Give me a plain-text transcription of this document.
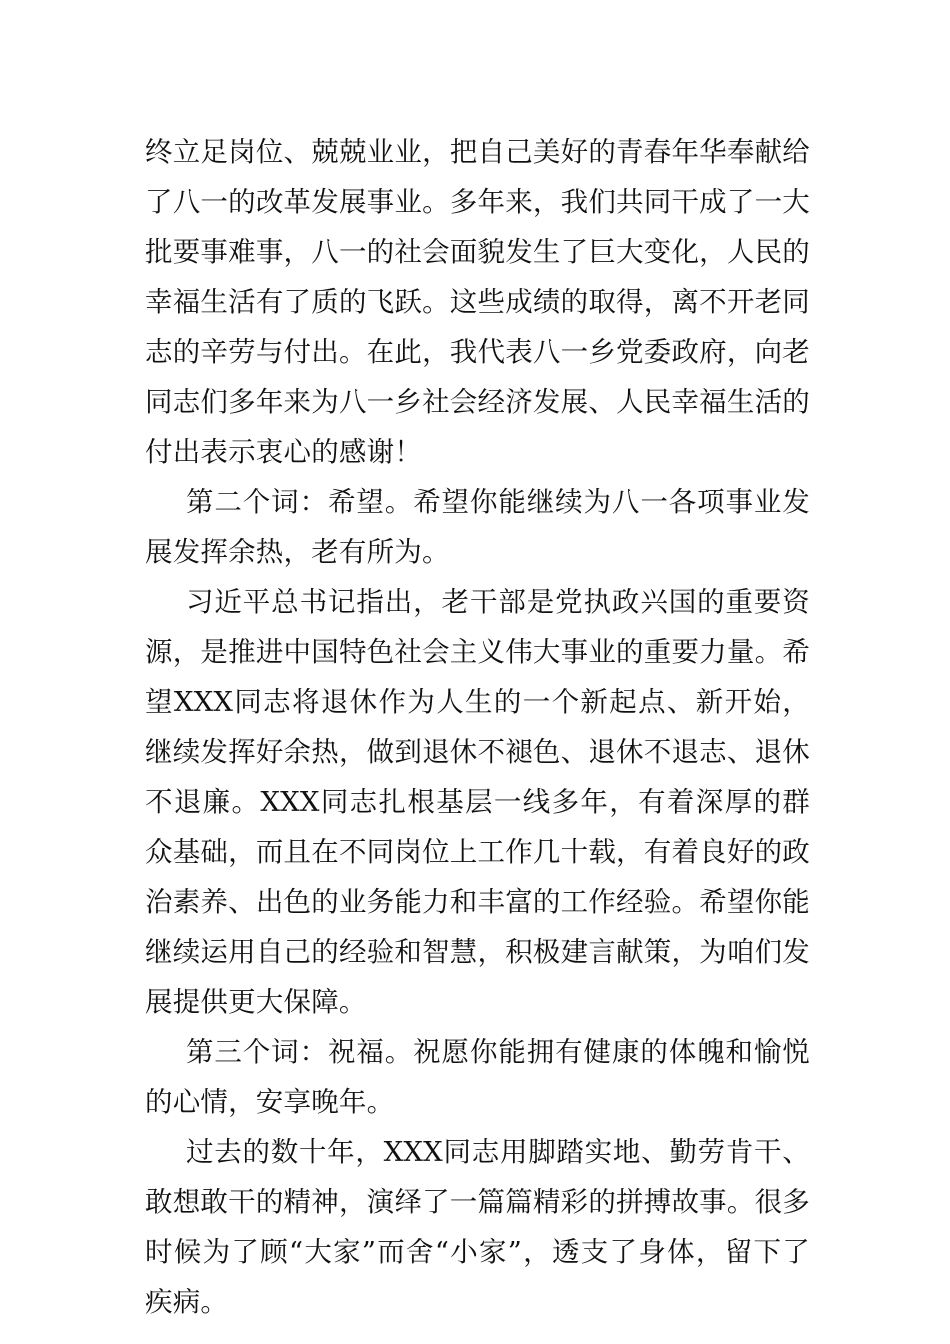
终立足岗位、兢兢业业，把自己美好的青春年华奉献给了八一的改革发展事业。多年来，我们共同干成了一大批要事难事，八一的社会面貌发生了巨大变化，人民的幸福生活有了质的飞跃。这些成绩的取得，离不开老同志的辛劳与付出。在此，我代表八一乡党委政府，向老同志们多年来为八一乡社会经济发展、人民幸福生活的付出表示衷心的感谢！

第二个词：希望。希望你能继续为八一各项事业发展发挥余热，老有所为。

习近平总书记指出，老干部是党执政兴国的重要资源，是推进中国特色社会主义伟大事业的重要力量。希望XXX同志将退休作为人生的一个新起点、新开始，继续发挥好余热，做到退休不褪色、退休不退志、退休不退廉。XXX同志扎根基层一线多年，有着深厚的群众基础，而且在不同岗位上工作几十载，有着良好的政治素养、出色的业务能力和丰富的工作经验。希望你能继续运用自己的经验和智慧，积极建言献策，为咱们发展提供更大保障。

第三个词：祝福。祝愿你能拥有健康的体魄和愉悦的心情，安享晚年。

过去的数十年，XXX同志用脚踏实地、勤劳肯干、敢想敢干的精神，演绎了一篇篇精彩的拼搏故事。很多时候为了顾“大家”而舍“小家”，透支了身体，留下了疾病。
